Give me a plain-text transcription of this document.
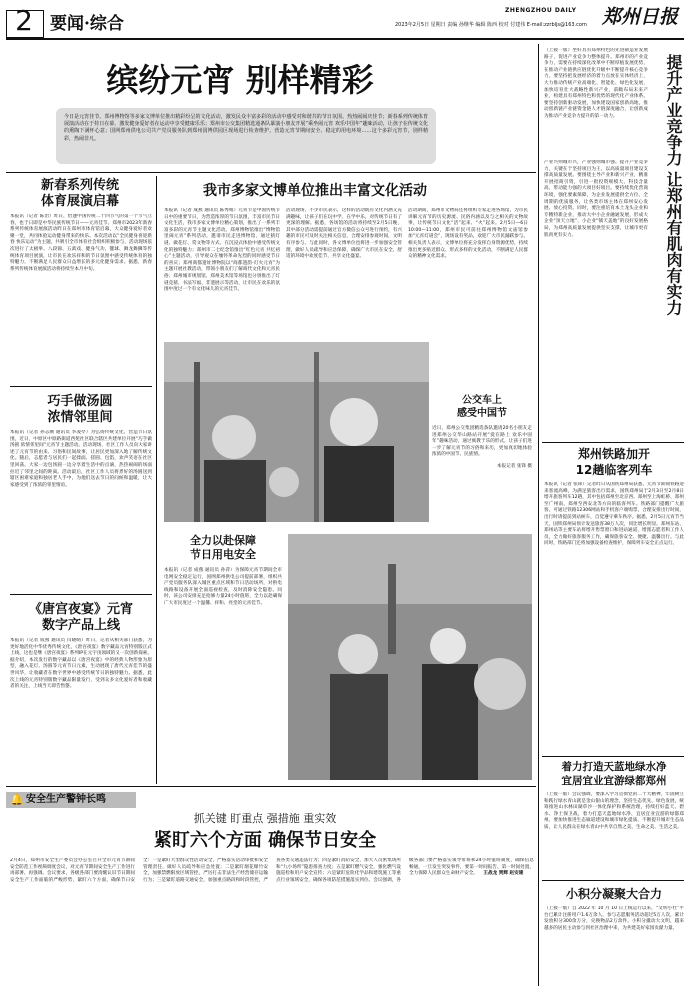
2	要闻·综合
ZHENGZHOU DAILY
2023年2月5日 星期日 责编 孙继华 编辑 陈西 校对 付建伟 E-mail:zzrbljs@163.com 郑州日报
缤纷元宵 别样精彩
今日是元宵佳节。郑州博物馆等多家文博单位推出精彩纷呈的文化活动，激发民众丰富多彩的活动中感受对和谐共的节日氛围。热热闹闹庆佳节；新春系列传统体育展演活动在于持日在幕，激发健身爱好者在运动中享受健康乐乐；郑州市公交集团精选通条队暴演小朋友开展“乘坐闹元宵 欢乐中国年”趣味活动，让孩子在传统文化的熏陶下满怀心意；国网郑州供电公司共产党员服务队到郑州国博供园区现场进行检查维护，营造元宵节期间安全、稳定的用电环境……这个多彩元宵节，别样精彩，热闹非凡。
新春系列传统
体育展演启幕
本报讯（记者 陈治）昨日，恰逢中国传统二十四节气的第一个节气立春，也于日即是中华民族传统节日——元宵佳节。郑州市2023年新春系列传统体育展演活动昨日在郑州市体育馆启幕，大众健身爱好者欢聚一堂，共同体验运动健身带来的快乐。本次活动以“全民健身喜迎新春 快乐运动”为主题，共吸引全市体育社会组织积极参与，活动现场依次进行了太极拳、八段锦、五禽戏、健身气功、毽球、舞龙舞狮等传统体育项目展演，让市民在欢乐祥和的节日氛围中感受传统体育的独特魅力，不断满足人民群众日益增长的多元化健身需求。据悉，新春系列传统体育展演活动将持续至本月中旬。
巧手做汤圆
浓情邻里间
本报讯（记者 孙志刚 通讯员 李凌亭）为弘扬传统文化，营造节日氛围，近日，中原区中原路街道西苑社区联合辖区共建单位开展“巧手做汤圆 浓情邻里间”元宵节主题活动。活动现场，社区工作人员向大家讲述了元宵节的由来、习俗和民间故事，让居民更加深入地了解传统文化。随后，志愿者与居民们一起揉面、搓圆、包馅，欢声笑语在社区里回荡。大家一边包汤圆一边分享着生活中的点滴，热热闹闹的场面拉近了邻里之间的距离。活动最后，社区工作人员将煮好的汤圆送到辖区困难家庭和独居老人手中，为他们送去节日的问候和温暖，让大家感受到了浓浓的邻里情谊。
《唐宫夜宴》元宵
数字产品上线
本报讯（记者 成燕 通讯员 闫晓晴）昨日，记者从相关部门获悉，为更好地活化中华优秀传统文化，《唐宫夜宴》数字藏品元宵特别版正式上线，这也是继《唐宫夜宴》系列IP在元宇宙领域的又一次创新探索。据介绍，本次发行的数字藏品以《唐宫夜宴》中的经典人物形象为原型，融入花灯、汤圆等元宵节日元素，生动展现了唐代元宵佳节的盛世风华，让收藏者在数字世界中感受传统节日的独特魅力。据悉，此次上线的元宵特别版数字藏品限量发行，受到众多文化爱好者和收藏者的关注，上线当天即告售罄。
我市多家文博单位推出丰富文化活动
本报讯（记者 成燕 通讯员 陈秀娟）元宵节是中国传统节日中的重要节日，为营造浓厚的节日氛围，丰富市民节日文化生活，我市多家文博单位精心策划，推出了一系列丰富多彩的元宵节主题文化活动。郑州博物馆推出“博物馆里闹元宵”系列活动，邀请市民走进博物馆，通过猜灯谜、做花灯、赏文物等方式，在沉浸式体验中感受传统文化的独特魅力；郑州市二七纪念馆推出“红色元宵 共忆初心”主题活动，引导观众在缅怀革命先烈的同时感受节日的喜庆；郑州商都遗址博物院以“商都遗韵·灯火元宵”为主题开展社教活动，带领小朋友们了解商代文化和元宵民俗；郑州城市规划馆、郑州美术馆等场馆也分别推出了灯谜竞猜、书法写福、非遗展示等活动，让市民在欢乐的氛围中度过一个有文化味儿的元宵佳节。
活动现场，不少市民表示，这样的活动既有文化内涵又充满趣味，让孩子们在玩中学、在学中乐，对传统节日有了更深的理解。据悉，各场馆的活动将持续至2月5日晚，其中部分活动需提前通过官方微信公众号进行预约，有兴趣的市民可及时关注相关信息，合理安排参观时间，文明有序参与。与此同时，各文博单位也将进一步加强安全管理，做好人员疏导和应急保障，确保广大市民在安全、舒适的环境中欢度佳节，共享文化盛宴。
活动期间，郑州市文物局还将组织专家走进各场馆，为市民讲解元宵节的历史源流、民俗内涵以及与之相关的文物故事，让传统节日文化“活”起来、“火”起来。2月5日—6日10:00—11:00，郑州市民可前往郑州博物馆文庙馆参加“元宵灯谜会”，现场设有奖品，欢迎广大市民踊跃参与。相关负责人表示，文博单位将充分发挥自身资源优势，持续推出更多贴近群众、形式多样的文化活动，不断满足人民群众的精神文化需求。
公交车上
感受中国节
近日，郑州公交集团精选条队邀请20名小朋友走进郑州公交华山路站开展“爱在路上 欢乐中国年”趣味活动，通过寓教于乐的形式，让孩子们进一步了解元宵节的习俗和来历，更加真切地体验浓浓的中国节、民族情。
本报记者 张锋 摄
全力以赴保障
节日用电安全
本报讯（记者 成燕 通讯员 孙萍）为保障元宵节期间全市电网安全稳定运行，国网郑州供电公司提前部署，组织共产党员服务队深入城区重点区域和节日活动场所，对供电线路和设备开展全面巡视检查，及时消除安全隐患。同时，该公司安排充足抢修力量24小时值班，全力以赴确保广大市民度过一个温馨、祥和、亮堂的元宵佳节。
🔔 安全生产警钟长鸣
抓关键 盯重点 强措施 重实效
紧盯六个方面 确保节日安全
2月4日，郑州市安全生产委员会办公室召开全市元宵节期间安全防范工作视频调度会议，对元宵节期间安全生产工作进行再部署、再强调。会议要求，各级各部门要清醒认识节日期间安全生产工作面临的严峻形势，紧盯六个方面，确保节日安全：一是紧盯大型群众性活动安全，严格落实活动审批和安全管理责任，做好人员疏导和应急处置；二是紧盯烟花爆竹安全，加强禁燃限放区域管控，严厉打击非法生产经营储存运输行为；三是紧盯道路交通安全，加强重点路段和时段管控，严查各类交通违法行为；四是紧盯消防安全，加大人员密集场所和“九小场所”隐患排查力度；五是紧盯燃气安全，强化燃气设施巡检和用户安全宣传；六是紧盯危险化学品和建筑施工等重点行业领域安全，确保各项防范措施落实到位。会议强调，各级各部门要严格落实领导带班和24小时值班制度，确保信息畅通，一旦发生突发事件，要第一时间报告、第一时间处置，全力保障人民群众生命财产安全。 王战龙 贾辉 赵安建
（上接一版）坐好具有郑州特色的先进制造业发展路子，促进产业竞争力整体提升。郑州市的产业竞争力，需要在持续深化改革中不断厚植发展优势，在推动产业链供应链优化升级中不断提升核心竞争力。要坚持把发展经济的着力点放在实体经济上，大力推动传统产业高端化、智能化、绿色化发展，加快培育壮大战略性新兴产业，前瞻布局未来产业，构建具有郑州特色和优势的现代化产业体系。要坚持创新驱动发展，加快建设国家创新高地，推动创新链产业链资金链人才链深度融合，让创新成为推动产业竞争力提升的第一动力。
产业兴则城市兴，产业强则城市强。提升产业竞争力，关键在于坚持项目为王，以高质量项目建设支撑高质量发展。要围绕主导产业和新兴产业，精准开展招商引资，引进一批投资规模大、科技含量高、带动能力强的大项目好项目。要持续优化营商环境，强化要素保障，为企业发展提供全方位、全周期的优质服务，让各类市场主体在郑州安心发展、放心投资。同时，要注重培育本土龙头企业和专精特新企业，推动大中小企业融通发展，形成大企业“顶天立地”、小企业“铺天盖地”的良好发展格局，为郑州高质量发展提供坚实支撑，让城市更有肌肉更有实力。	提升产业竞争力 让郑州有肌肉有实力
郑州铁路加开
12趟临客列车
本报讯（记者 张锋）记者昨日从国铁郑州局获悉，元宵节期间铁路迎来客流高峰，为满足旅客出行需求，国铁郑州局于2月3日至2月8日增开旅客列车12趟，其中包括郑州至北京西、郑州至上海虹桥、郑州至广州南、郑州至西安北等方向的临客列车。铁路部门提醒广大旅客，可通过铁路12306网站和手机客户端购票，合理安排出行时间，出行时请提前到站候车，自觉遵守乘车秩序。据悉，2月5日元宵节当天，国铁郑州局预计发送旅客38万人次，同比增长明显。郑州东站、郑州站等主要车站将增开售票窗口和进站通道，增派志愿者和工作人员，全力做好旅客服务工作，确保旅客安全、便捷、温馨出行。与此同时，铁路部门还将加强设备检查维护，保障列车安全正点运行。
着力打造天蓝地绿水净
宜居宜业宜游绿都郑州
（上接一版）会议强调，要深入学习贯彻党的二十大精神，牢固树立和践行绿水青山就是金山银山的理念，坚持生态优先、绿色发展，统筹推进山水林田湖草沙一体化保护和系统治理，持续打好蓝天、碧水、净土保卫战，着力打造天蓝地绿水净、宜居宜业宜游的绿都郑州。要加快推进生态廊道建设和城市绿化提质，不断提升城市生态品质，让人民群众在绿水青山中共享自然之美、生命之美、生活之美。
小积分凝聚大合力
（上接一版）自 2022 年 10 月 10 日上线运行以来，“文明小社”平台已累计注册用户1.6万余人，参与志愿服务活动超过5万人次，累计发放积分300余万分，兑换物品2万余件。小积分撬动大文明，越来越多的居民主动参与到社区治理中来，为共建美好家园贡献力量。
